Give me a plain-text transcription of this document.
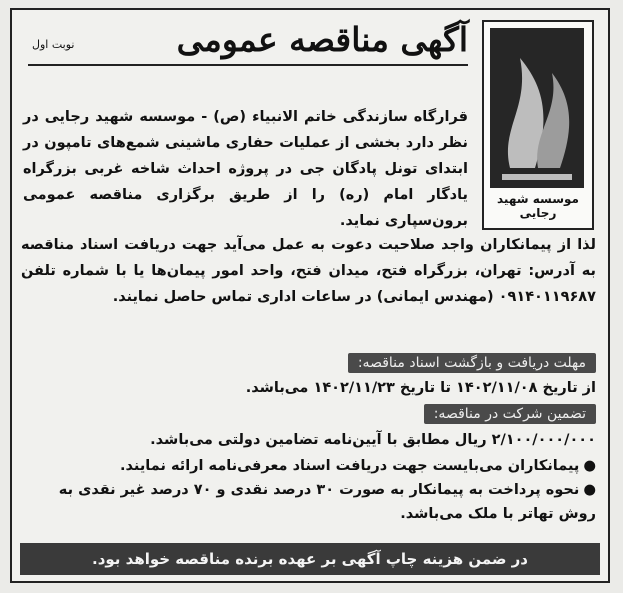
موسسه شهید رجایی
آگهی مناقصه عمومی
نوبت اول
قرارگاه سازندگی خاتم الانبیاء (ص) - موسسه شهید رجایی در نظر دارد بخشی از عملیات حفاری ماشینی شمع‌های تامپون در ابتدای تونل پادگان جی در پروژه احداث شاخه غربی بزرگراه یادگار امام (ره) را از طریق برگزاری مناقصه عمومی برون‌سپاری نماید.
لذا از پیمانکاران واجد صلاحیت دعوت به عمل می‌آید جهت دریافت اسناد مناقصه به آدرس: تهران، بزرگراه فتح، میدان فتح، واحد امور پیمان‌ها یا با شماره تلفن ۰۹۱۴۰۱۱۹۶۸۷ (مهندس ایمانی) در ساعات اداری تماس حاصل نمایند.
مهلت دریافت و بازگشت اسناد مناقصه:
از تاریخ ۱۴۰۲/۱۱/۰۸ تا تاریخ ۱۴۰۲/۱۱/۲۳ می‌باشد.
تضمین شرکت در مناقصه:
۲/۱۰۰/۰۰۰/۰۰۰ ریال مطابق با آیین‌نامه تضامین دولتی می‌باشد.
●پیمانکاران می‌بایست جهت دریافت اسناد معرفی‌نامه ارائه نمایند.
●نحوه پرداخت به پیمانکار به صورت ۳۰ درصد نقدی و ۷۰ درصد غیر نقدی به روش تهاتر با ملک می‌باشد.
در ضمن هزینه چاپ آگهی بر عهده برنده مناقصه خواهد بود.
